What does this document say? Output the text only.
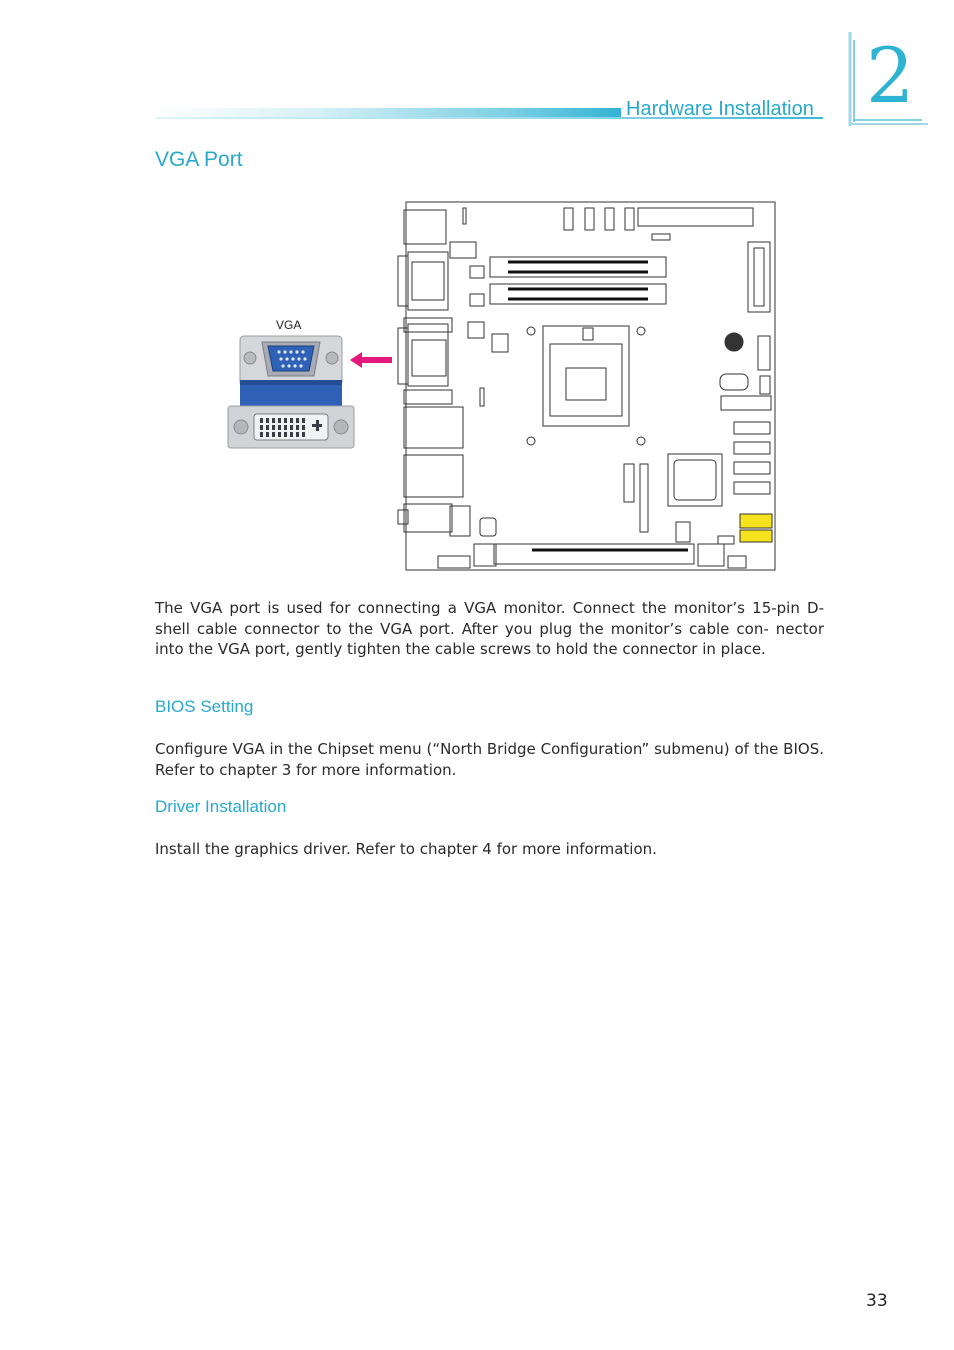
Hardware Installation 2
VGA Port
VGA

The VGA port is used for connecting a VGA monitor. Connect the monitor’s 15-pin D-shell cable connector to the VGA port. After you plug the monitor’s cable con- nector into the VGA port, gently tighten the cable screws to hold the connector in place.

BIOS Setting

Configure VGA in the Chipset menu (“North Bridge Configuration” submenu) of the BIOS. Refer to chapter 3 for more information.

Driver Installation

Install the graphics driver. Refer to chapter 4 for more information.

33
